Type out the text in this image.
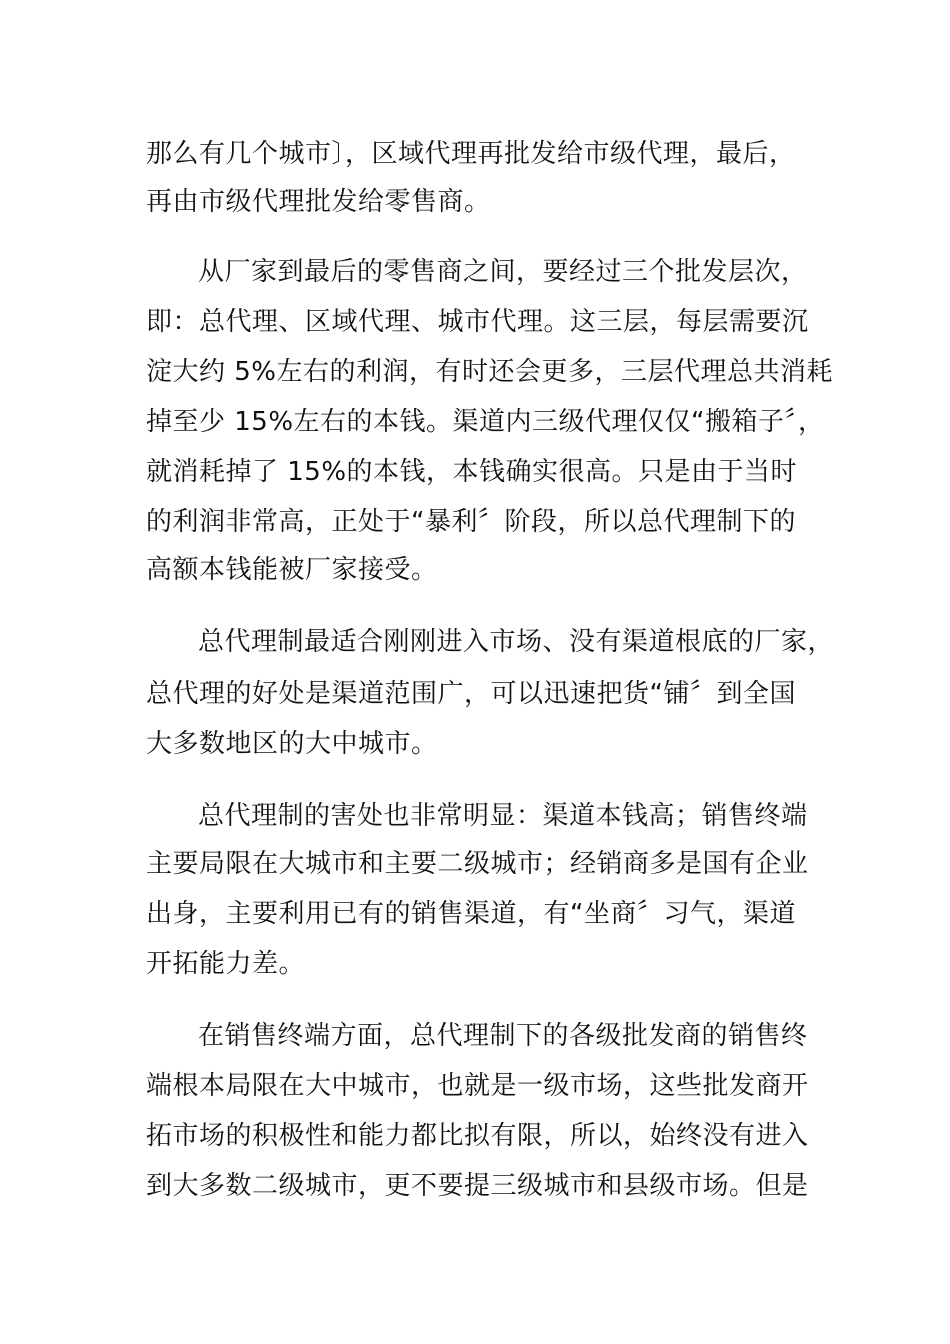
那么有几个城市〕，区域代理再批发给市级代理，最后，
再由市级代理批发给零售商。
从厂家到最后的零售商之间，要经过三个批发层次，
即：总代理、区域代理、城市代理。这三层，每层需要沉
淀大约 5%左右的利润，有时还会更多，三层代理总共消耗
掉至少 15%左右的本钱。渠道内三级代理仅仅“搬箱子〞，
就消耗掉了 15%的本钱，本钱确实很高。只是由于当时
的利润非常高，正处于“暴利〞阶段，所以总代理制下的
高额本钱能被厂家接受。
总代理制最适合刚刚进入市场、没有渠道根底的厂家，
总代理的好处是渠道范围广，可以迅速把货“铺〞到全国
大多数地区的大中城市。
总代理制的害处也非常明显：渠道本钱高；销售终端
主要局限在大城市和主要二级城市；经销商多是国有企业
出身，主要利用已有的销售渠道，有“坐商〞习气，渠道
开拓能力差。
在销售终端方面，总代理制下的各级批发商的销售终
端根本局限在大中城市，也就是一级市场，这些批发商开
拓市场的积极性和能力都比拟有限，所以，始终没有进入
到大多数二级城市，更不要提三级城市和县级市场。但是
